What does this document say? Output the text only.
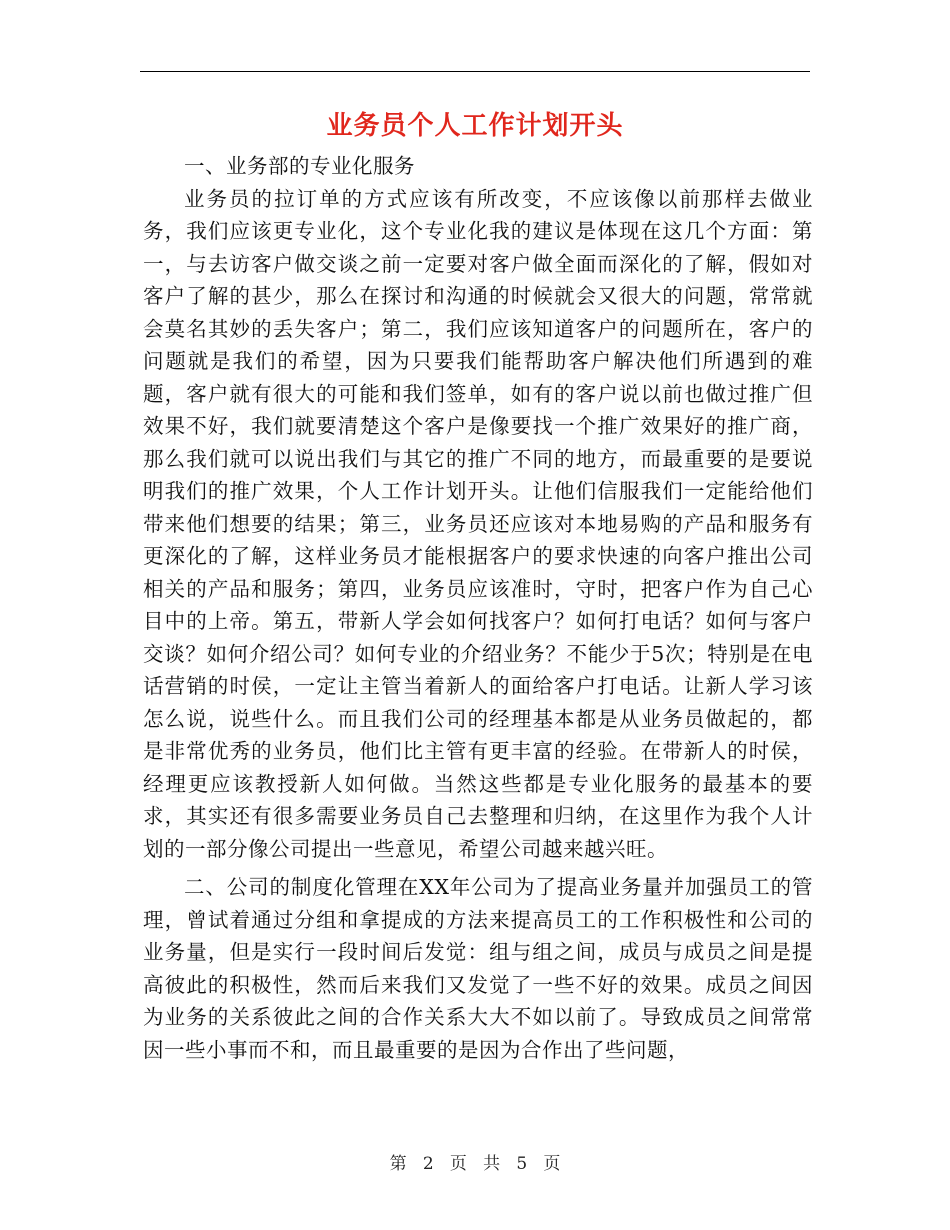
业务员个人工作计划开头

一、业务部的专业化服务

业务员的拉订单的方式应该有所改变，不应该像以前那样去做业务，我们应该更专业化，这个专业化我的建议是体现在这几个方面：第一，与去访客户做交谈之前一定要对客户做全面而深化的了解，假如对客户了解的甚少，那么在探讨和沟通的时候就会又很大的问题，常常就会莫名其妙的丢失客户；第二，我们应该知道客户的问题所在，客户的问题就是我们的希望，因为只要我们能帮助客户解决他们所遇到的难题，客户就有很大的可能和我们签单，如有的客户说以前也做过推广但效果不好，我们就要清楚这个客户是像要找一个推广效果好的推广商，那么我们就可以说出我们与其它的推广不同的地方，而最重要的是要说明我们的推广效果，个人工作计划开头。让他们信服我们一定能给他们带来他们想要的结果；第三，业务员还应该对本地易购的产品和服务有更深化的了解，这样业务员才能根据客户的要求快速的向客户推出公司相关的产品和服务；第四，业务员应该准时，守时，把客户作为自己心目中的上帝。第五，带新人学会如何找客户？如何打电话？如何与客户交谈？如何介绍公司？如何专业的介绍业务？不能少于5次；特别是在电话营销的时侯，一定让主管当着新人的面给客户打电话。让新人学习该怎么说，说些什么。而且我们公司的经理基本都是从业务员做起的，都是非常优秀的业务员，他们比主管有更丰富的经验。在带新人的时侯，经理更应该教授新人如何做。当然这些都是专业化服务的最基本的要求，其实还有很多需要业务员自己去整理和归纳，在这里作为我个人计划的一部分像公司提出一些意见，希望公司越来越兴旺。

二、公司的制度化管理在XX年公司为了提高业务量并加强员工的管理，曾试着通过分组和拿提成的方法来提高员工的工作积极性和公司的业务量，但是实行一段时间后发觉：组与组之间，成员与成员之间是提高彼此的积极性，然而后来我们又发觉了一些不好的效果。成员之间因为业务的关系彼此之间的合作关系大大不如以前了。导致成员之间常常因一些小事而不和，而且最重要的是因为合作出了些问题，

第 2 页 共 5 页
